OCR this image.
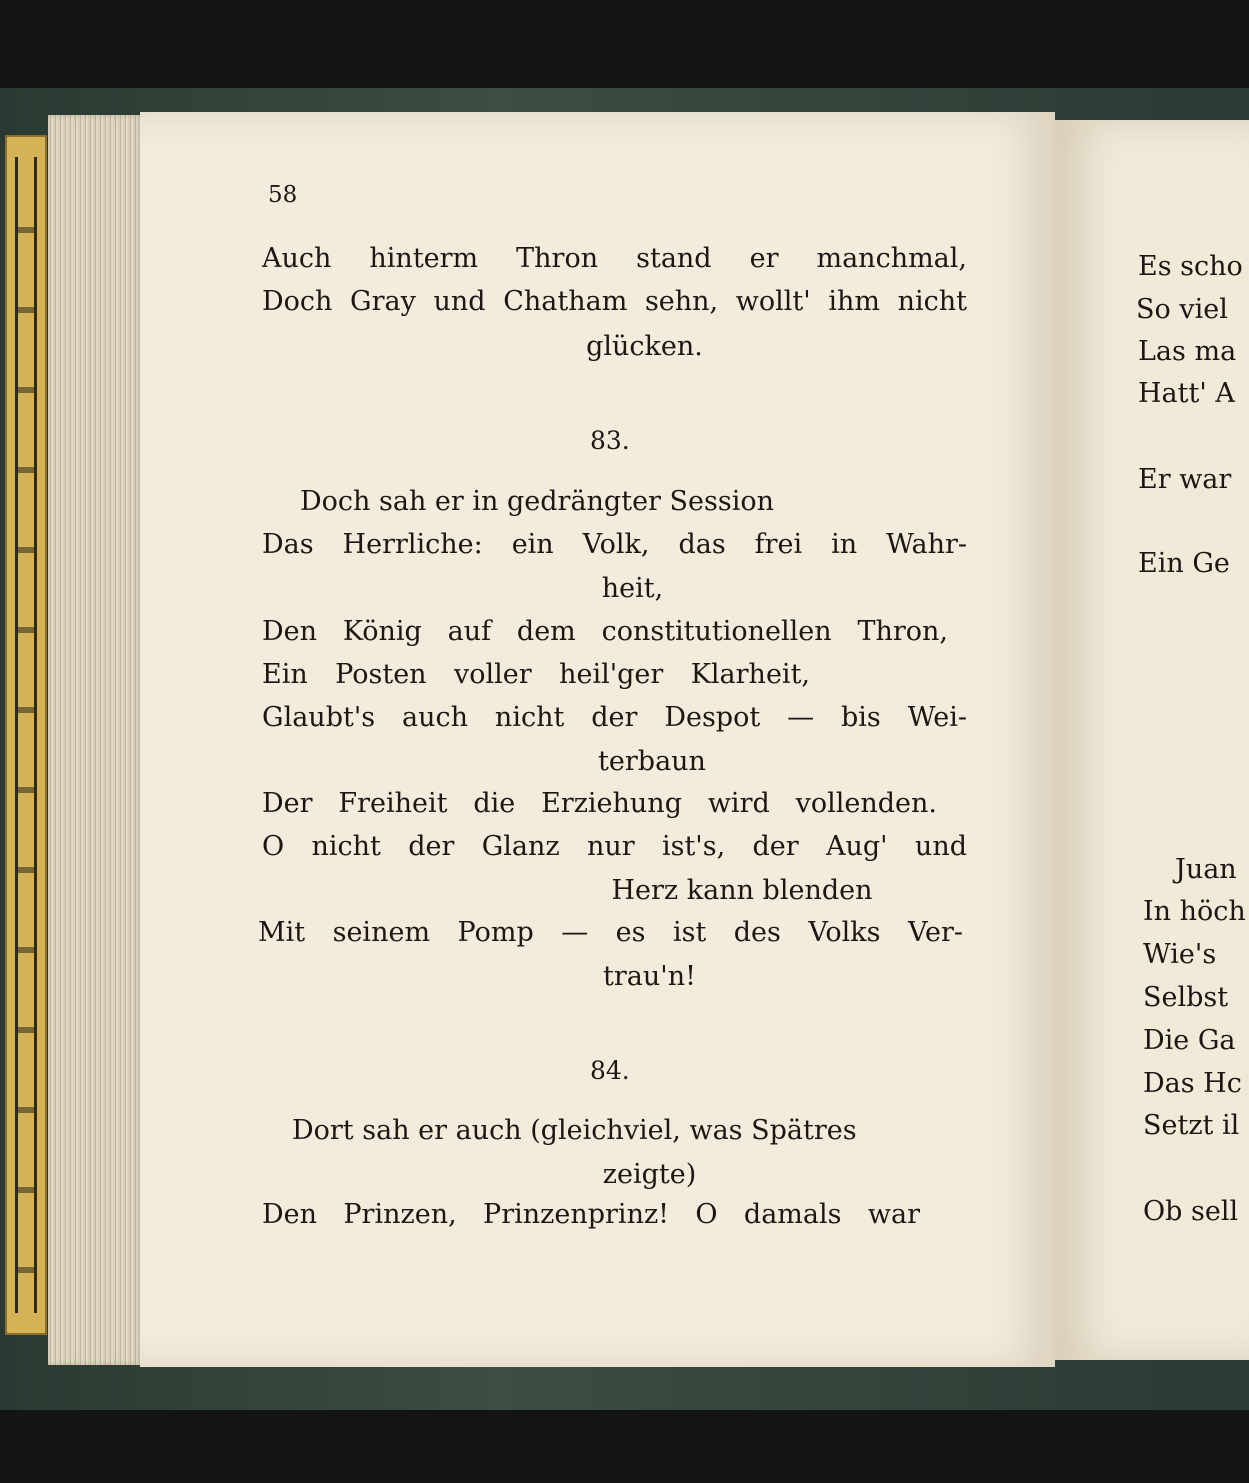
58
Auch hinterm Thron stand er manchmal,
Doch Gray und Chatham sehn, wollt' ihm nicht
glücken.
83.
Doch sah er in gedrängter Session
Das Herrliche: ein Volk, das frei in Wahr-
heit,
Den König auf dem constitutionellen Thron,
Ein Posten voller heil'ger Klarheit,
Glaubt's auch nicht der Despot — bis Wei-
terbaun
Der Freiheit die Erziehung wird vollenden.
O nicht der Glanz nur ist's, der Aug' und
Herz kann blenden
Mit seinem Pomp — es ist des Volks Ver-
trau'n!
84.
Dort sah er auch (gleichviel, was Spätres
zeigte)
Den Prinzen, Prinzenprinz! O damals war
Es scho
So viel
Las ma
Hatt' A
Er war
Ein Ge
Juan
In höch
Wie's
Selbst
Die Ga
Das Hc
Setzt il
Ob sell
